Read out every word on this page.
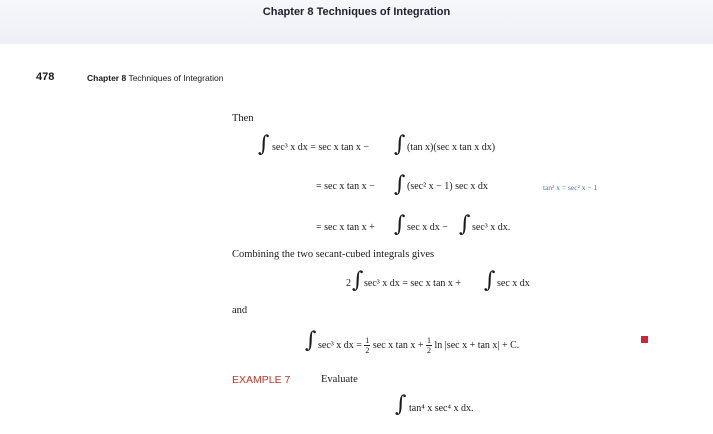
Chapter 8 Techniques of Integration
478	Chapter 8 Techniques of Integration
Then
∫ sec³ x dx = sec x tan x − ∫ (tan x)(sec x tan x dx)
= sec x tan x − ∫ (sec² x − 1) sec x dx	tan² x = sec² x − 1
= sec x tan x + ∫ sec x dx − ∫ sec³ x dx.
Combining the two secant-cubed integrals gives
2 ∫ sec³ x dx = sec x tan x + ∫ sec x dx
and
∫ sec³ x dx = $\frac{1}{2}$ sec x $\tan x + \frac{1}{2}$ ln |sec x + tan x| + C.
EXAMPLE 7	Evaluate
∫ tan⁴ x sec⁴ x dx.
